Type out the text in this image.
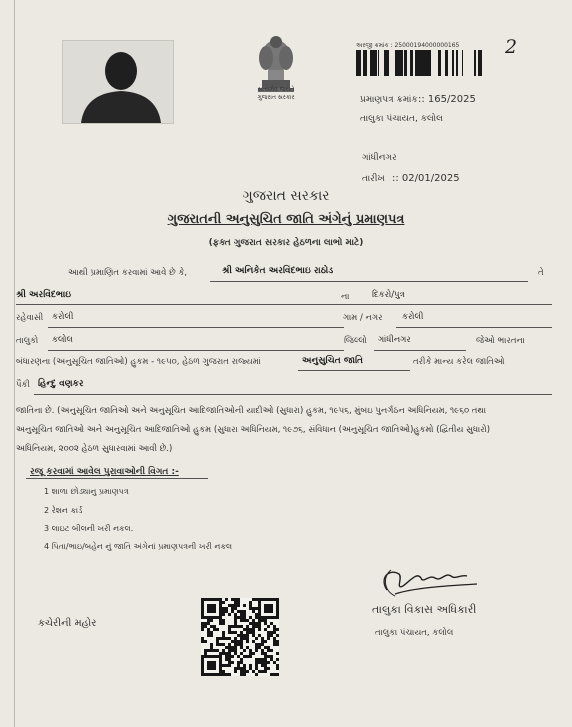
સત્યમેવ જયતે
ગુજરાત સરકાર
અરજી ક્રમાંક : 25000194000000165 2
પ્રમાણપત્ર ક્રમાંક :: 165/2025
તાલુકા પંચાયત, કલોલ
ગાંધીનગર
તારીખ :: 02/01/2025
ગુજરાત સરકાર
ગુજરાતની અનુસુચિત જાતિ અંગેનું પ્રમાણપત્ર
(ફક્ત ગુજરાત સરકાર હેઠળના લાભો માટે)
આથી પ્રમાણિત કરવામાં આવે છે કે,	શ્રી અનિકેત અરવિંદભાઇ રાઠોડ	તે
શ્રી અરવિંદભાઇ	ના	દિકરો/પુત્ર
રહેવાસી કરોલી	ગામ / નગર કરોલી
તાલુકો કલોલ	જિલ્લો ગાંધીનગર	જેઓ ભારતના
બંધારણના (અનુસૂચિત જાતિઓ) હુકમ - ૧૯૫૦, હેઠળ ગુજરાત રાજ્યમાં	અનુસુચિત જાતિ	તરીકે માન્ય કરેલ જાતિઓ
પૈકી હિન્દુ વણકર
જાતિના છે. (અનુસૂચિત જાતિઓ અને અનુસૂચિત આદિજાતિઓની યાદીઓ (સુધારા) હુકમ, ૧૯૫૬, મુંબઇ પુનર્ગઠન અધિનિયમ, ૧૯૬૦ તથા
અનુસૂચિત જાતિઓ અને અનુસૂચિત આદિજાતિઓ હુકમ (સુધારા અધિનિયમ, ૧૯૭૬, સંવિધાન (અનુસૂચિત જાતિઓ)હુકમો (દ્વિતીય સુધારો)
અધિનિયમ, ૨૦૦૨ હેઠળ સુધારવામાં આવી છે.)
રજૂ કરવામાં આવેલ પુરાવાઓની વિગત :-
1 શાળા છોડ્યાનુ પ્રમાણપત્ર
2 રેશન કાર્ડ
3 લાઇટ બીલની ખરી નકલ.
4 પિતા/ભાઇ/બહેન નું જાતિ અંગેનાં પ્રમાણપત્રની ખરી નકલ
તાલુકા વિકાસ અધિકારી
તાલુકા પંચાયત, કલોલ
કચેરીની મહોર
